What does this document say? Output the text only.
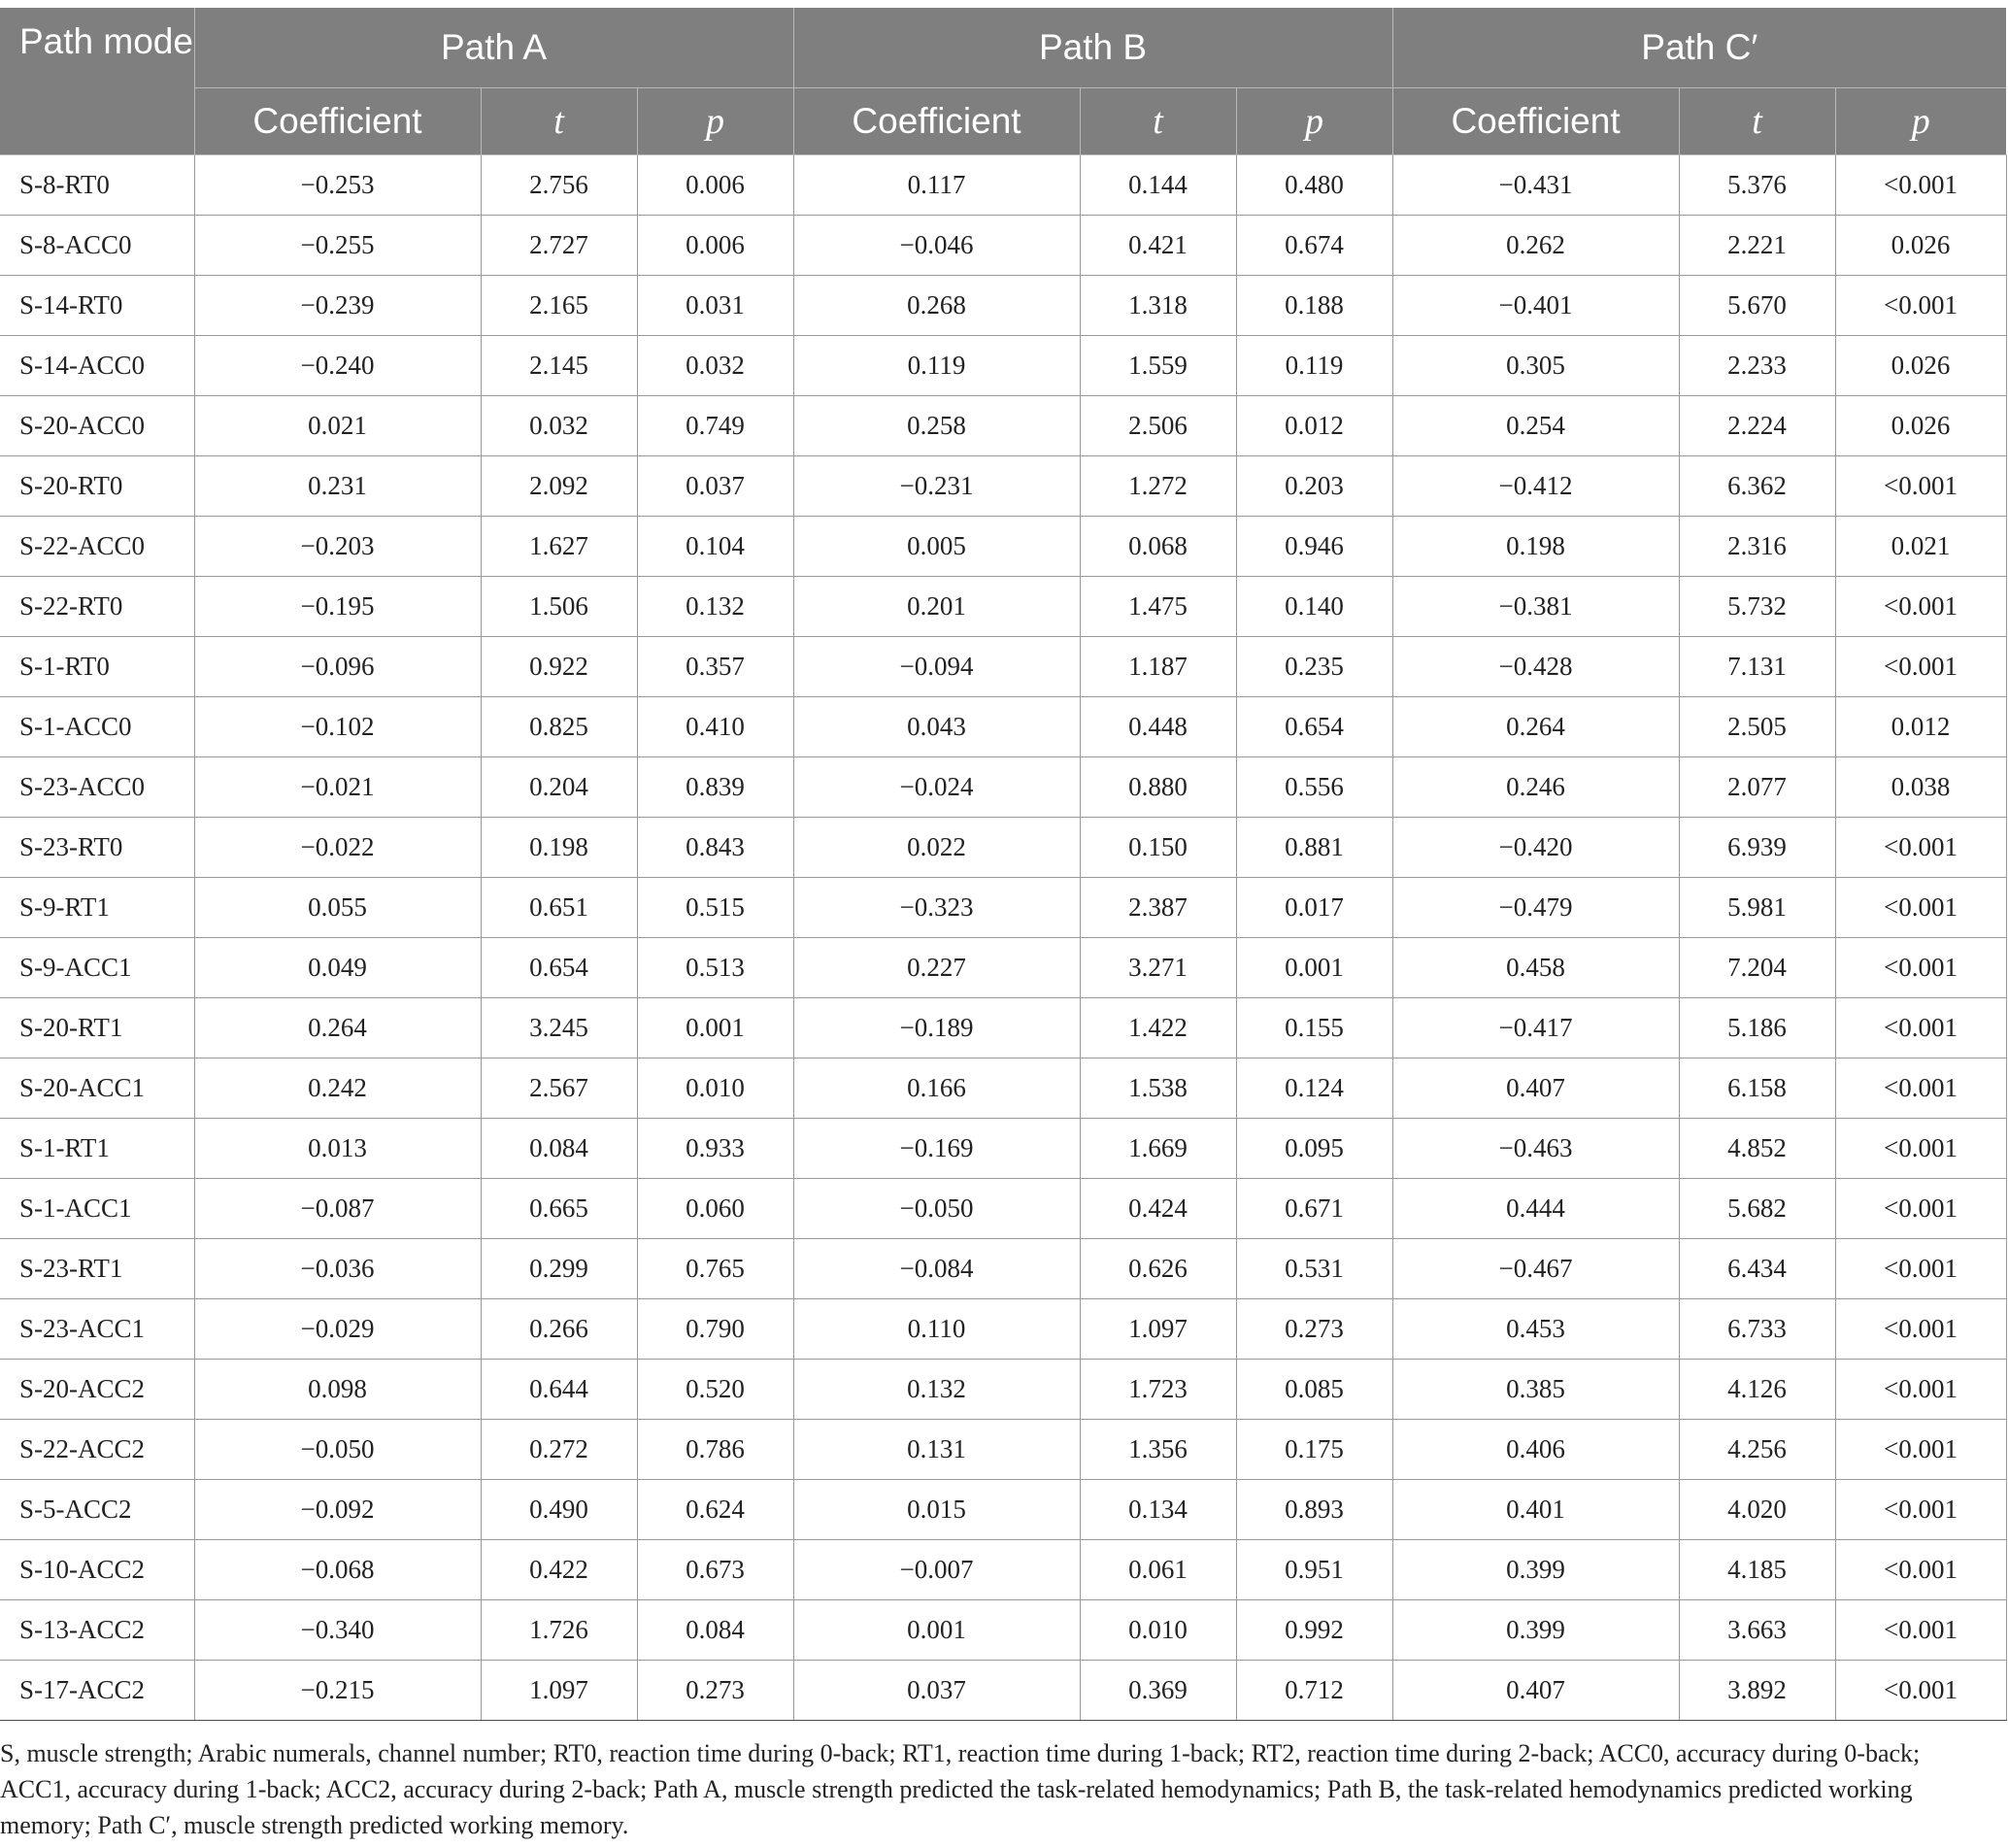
Path mode	Path A			Path B			Path C′		
	Coefficient	t	p	Coefficient	t	p	Coefficient	t	p
S-8-RT0	−0.253	2.756	0.006	0.117	0.144	0.480	−0.431	5.376	<0.001
S-8-ACC0	−0.255	2.727	0.006	−0.046	0.421	0.674	0.262	2.221	0.026
S-14-RT0	−0.239	2.165	0.031	0.268	1.318	0.188	−0.401	5.670	<0.001
S-14-ACC0	−0.240	2.145	0.032	0.119	1.559	0.119	0.305	2.233	0.026
S-20-ACC0	0.021	0.032	0.749	0.258	2.506	0.012	0.254	2.224	0.026
S-20-RT0	0.231	2.092	0.037	−0.231	1.272	0.203	−0.412	6.362	<0.001
S-22-ACC0	−0.203	1.627	0.104	0.005	0.068	0.946	0.198	2.316	0.021
S-22-RT0	−0.195	1.506	0.132	0.201	1.475	0.140	−0.381	5.732	<0.001
S-1-RT0	−0.096	0.922	0.357	−0.094	1.187	0.235	−0.428	7.131	<0.001
S-1-ACC0	−0.102	0.825	0.410	0.043	0.448	0.654	0.264	2.505	0.012
S-23-ACC0	−0.021	0.204	0.839	−0.024	0.880	0.556	0.246	2.077	0.038
S-23-RT0	−0.022	0.198	0.843	0.022	0.150	0.881	−0.420	6.939	<0.001
S-9-RT1	0.055	0.651	0.515	−0.323	2.387	0.017	−0.479	5.981	<0.001
S-9-ACC1	0.049	0.654	0.513	0.227	3.271	0.001	0.458	7.204	<0.001
S-20-RT1	0.264	3.245	0.001	−0.189	1.422	0.155	−0.417	5.186	<0.001
S-20-ACC1	0.242	2.567	0.010	0.166	1.538	0.124	0.407	6.158	<0.001
S-1-RT1	0.013	0.084	0.933	−0.169	1.669	0.095	−0.463	4.852	<0.001
S-1-ACC1	−0.087	0.665	0.060	−0.050	0.424	0.671	0.444	5.682	<0.001
S-23-RT1	−0.036	0.299	0.765	−0.084	0.626	0.531	−0.467	6.434	<0.001
S-23-ACC1	−0.029	0.266	0.790	0.110	1.097	0.273	0.453	6.733	<0.001
S-20-ACC2	0.098	0.644	0.520	0.132	1.723	0.085	0.385	4.126	<0.001
S-22-ACC2	−0.050	0.272	0.786	0.131	1.356	0.175	0.406	4.256	<0.001
S-5-ACC2	−0.092	0.490	0.624	0.015	0.134	0.893	0.401	4.020	<0.001
S-10-ACC2	−0.068	0.422	0.673	−0.007	0.061	0.951	0.399	4.185	<0.001
S-13-ACC2	−0.340	1.726	0.084	0.001	0.010	0.992	0.399	3.663	<0.001
S-17-ACC2	−0.215	1.097	0.273	0.037	0.369	0.712	0.407	3.892	<0.001
S, muscle strength; Arabic numerals, channel number; RT0, reaction time during 0-back; RT1, reaction time during 1-back; RT2, reaction time during 2-back; ACC0, accuracy during 0-back; ACC1, accuracy during 1-back; ACC2, accuracy during 2-back; Path A, muscle strength predicted the task-related hemodynamics; Path B, the task-related hemodynamics predicted working memory; Path C′, muscle strength predicted working memory.
